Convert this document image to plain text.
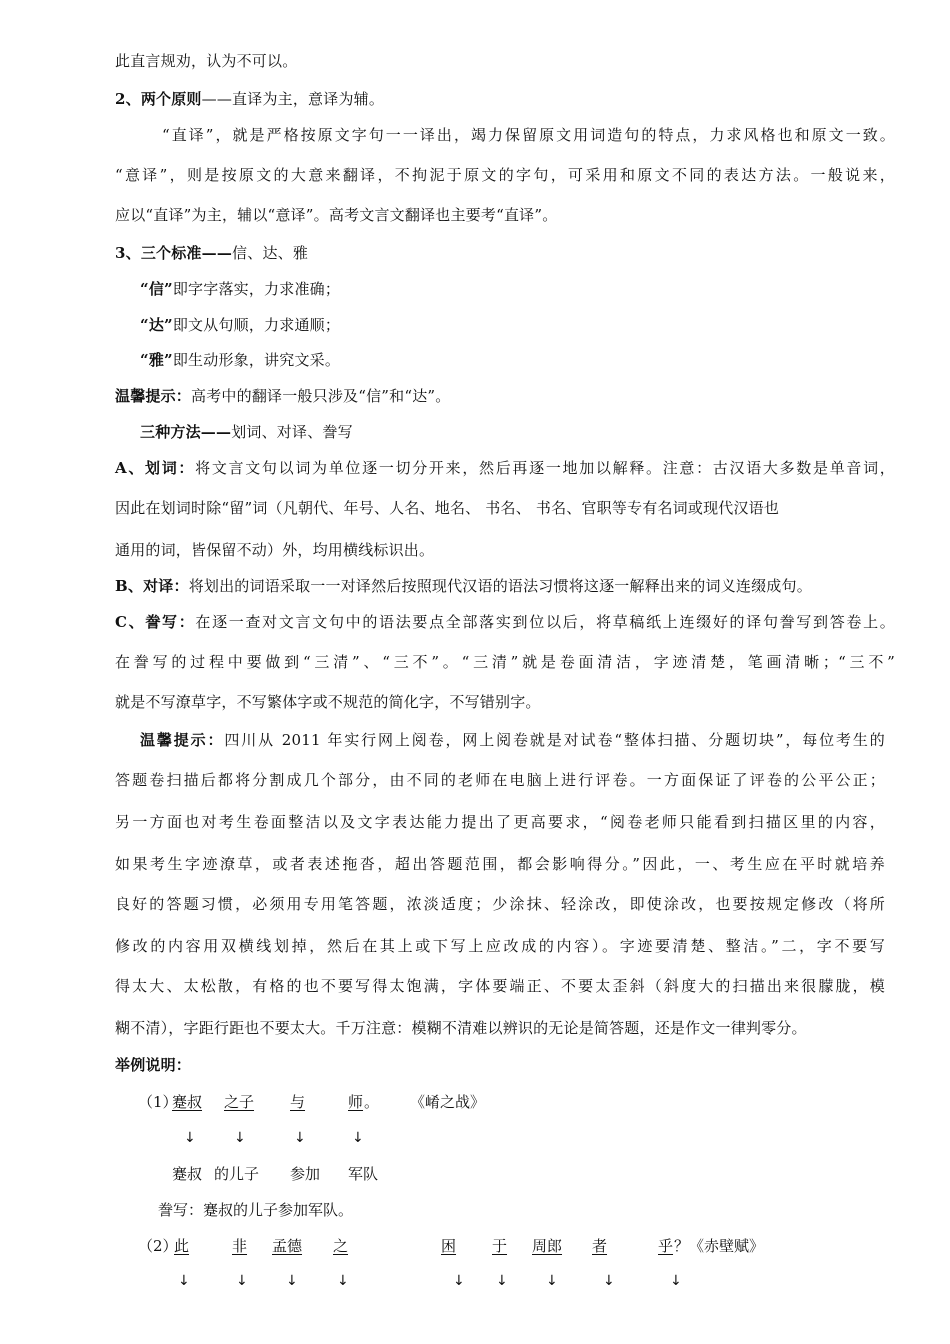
此直言规劝，认为不可以。
2、两个原则——直译为主，意译为辅。
“直译”，就是严格按原文字句一一译出，竭力保留原文用词造句的特点，力求风格也和原文一致。
“意译”，则是按原文的大意来翻译，不拘泥于原文的字句，可采用和原文不同的表达方法。一般说来，
应以“直译”为主，辅以“意译”。高考文言文翻译也主要考“直译”。
3、三个标准——信、达、雅
“信”即字字落实，力求准确；
“达”即文从句顺，力求通顺；
“雅”即生动形象，讲究文采。
温馨提示：高考中的翻译一般只涉及“信”和“达”。
三种方法——划词、对译、誊写
A、划词：将文言文句以词为单位逐一切分开来，然后再逐一地加以解释。注意：古汉语大多数是单音词，
因此在划词时除“留”词（凡朝代、年号、人名、地名、 书名、 书名、官职等专有名词或现代汉语也
通用的词，皆保留不动）外，均用横线标识出。
B、对译：将划出的词语采取一一对译然后按照现代汉语的语法习惯将这逐一解释出来的词义连缀成句。
C、誊写：在逐一查对文言文句中的语法要点全部落实到位以后，将草稿纸上连缀好的译句誊写到答卷上。
在誊写的过程中要做到“三清”、“三不”。“三清”就是卷面清洁，字迹清楚，笔画清晰；“三不”
就是不写潦草字，不写繁体字或不规范的简化字，不写错别字。
温馨提示：四川从 2011 年实行网上阅卷，网上阅卷就是对试卷“整体扫描、分题切块”，每位考生的
答题卷扫描后都将分割成几个部分，由不同的老师在电脑上进行评卷。一方面保证了评卷的公平公正；
另一方面也对考生卷面整洁以及文字表达能力提出了更高要求，“阅卷老师只能看到扫描区里的内容，
如果考生字迹潦草，或者表述拖沓，超出答题范围，都会影响得分。”因此，一、考生应在平时就培养
良好的答题习惯，必须用专用笔答题，浓淡适度；少涂抹、轻涂改，即使涂改，也要按规定修改（将所
修改的内容用双横线划掉，然后在其上或下写上应改成的内容）。字迹要清楚、整洁。”二，字不要写
得太大、太松散，有格的也不要写得太饱满，字体要端正、不要太歪斜（斜度大的扫描出来很朦胧，模
糊不清），字距行距也不要太大。千万注意：模糊不清难以辨识的无论是简答题，还是作文一律判零分。
举例说明：
（1）
蹇叔 之子 与	师 。 《崤之战》
↓	↓	↓	↓
蹇叔 的儿子 参加 军队
誊写：蹇叔的儿子参加军队。
（2）
此	非 孟德 之	困 于 周郎 者	乎 ？《赤壁赋》
↓	↓	↓	↓	↓ ↓	↓	↓	↓
